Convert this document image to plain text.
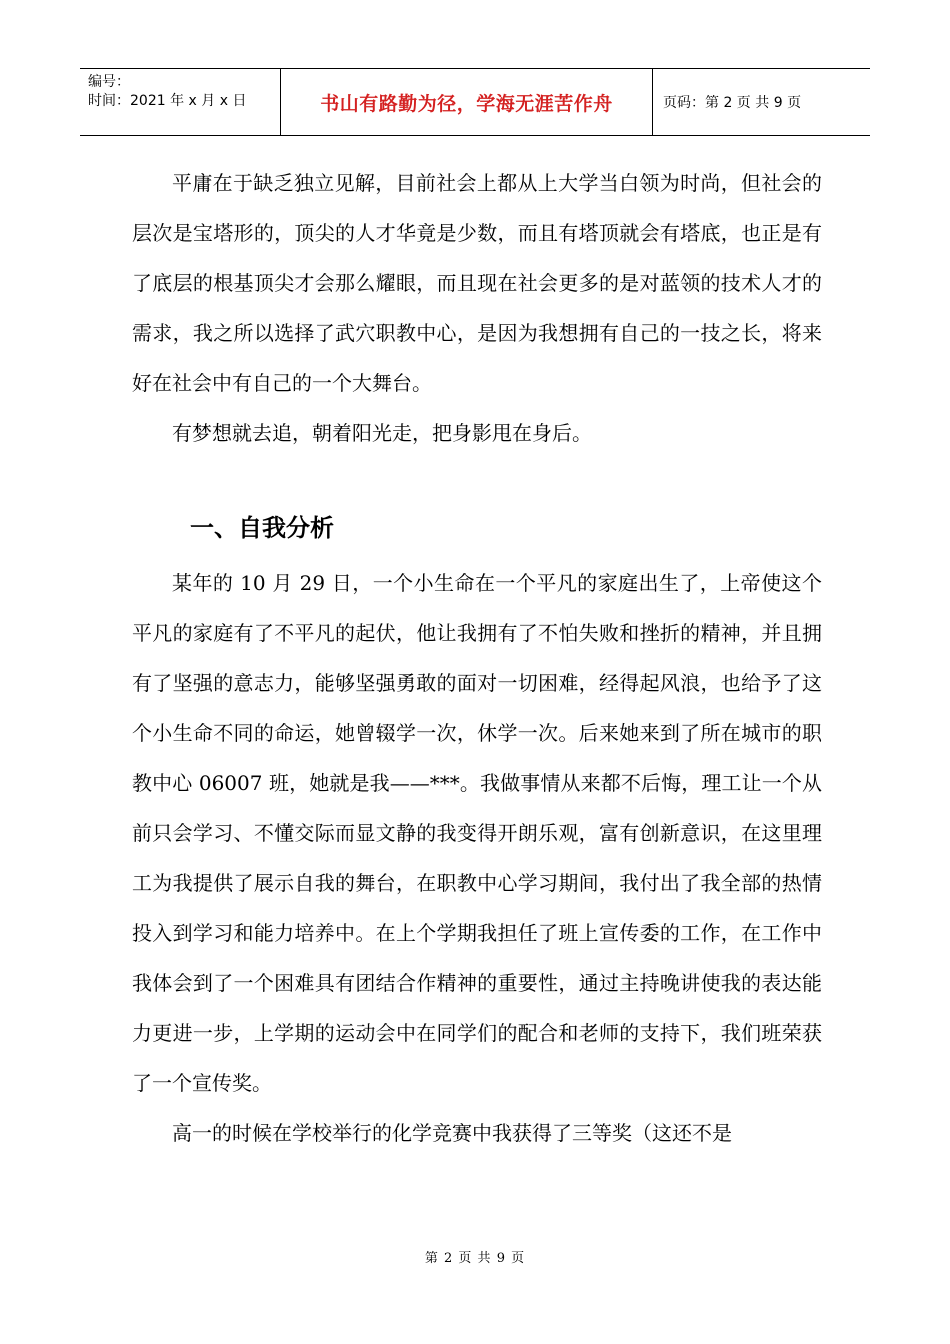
编号：
时间：2021 年 x 月 x 日	书山有路勤为径，学海无涯苦作舟	页码：第 2 页 共 9 页

平庸在于缺乏独立见解，目前社会上都从上大学当白领为时尚，但社会的层次是宝塔形的，顶尖的人才华竟是少数，而且有塔顶就会有塔底，也正是有了底层的根基顶尖才会那么耀眼，而且现在社会更多的是对蓝领的技术人才的需求，我之所以选择了武穴职教中心，是因为我想拥有自己的一技之长，将来好在社会中有自己的一个大舞台。

有梦想就去追，朝着阳光走，把身影甩在身后。

一、自我分析

某年的 10 月 29 日，一个小生命在一个平凡的家庭出生了，上帝使这个平凡的家庭有了不平凡的起伏，他让我拥有了不怕失败和挫折的精神，并且拥有了坚强的意志力，能够坚强勇敢的面对一切困难，经得起风浪，也给予了这个小生命不同的命运，她曾辍学一次，休学一次。后来她来到了所在城市的职教中心 06007 班，她就是我——***。我做事情从来都不后悔，理工让一个从前只会学习、不懂交际而显文静的我变得开朗乐观，富有创新意识，在这里理工为我提供了展示自我的舞台，在职教中心学习期间，我付出了我全部的热情投入到学习和能力培养中。在上个学期我担任了班上宣传委的工作，在工作中我体会到了一个困难具有团结合作精神的重要性，通过主持晚讲使我的表达能力更进一步，上学期的运动会中在同学们的配合和老师的支持下，我们班荣获了一个宣传奖。

高一的时候在学校举行的化学竞赛中我获得了三等奖（这还不是

第 2 页 共 9 页
